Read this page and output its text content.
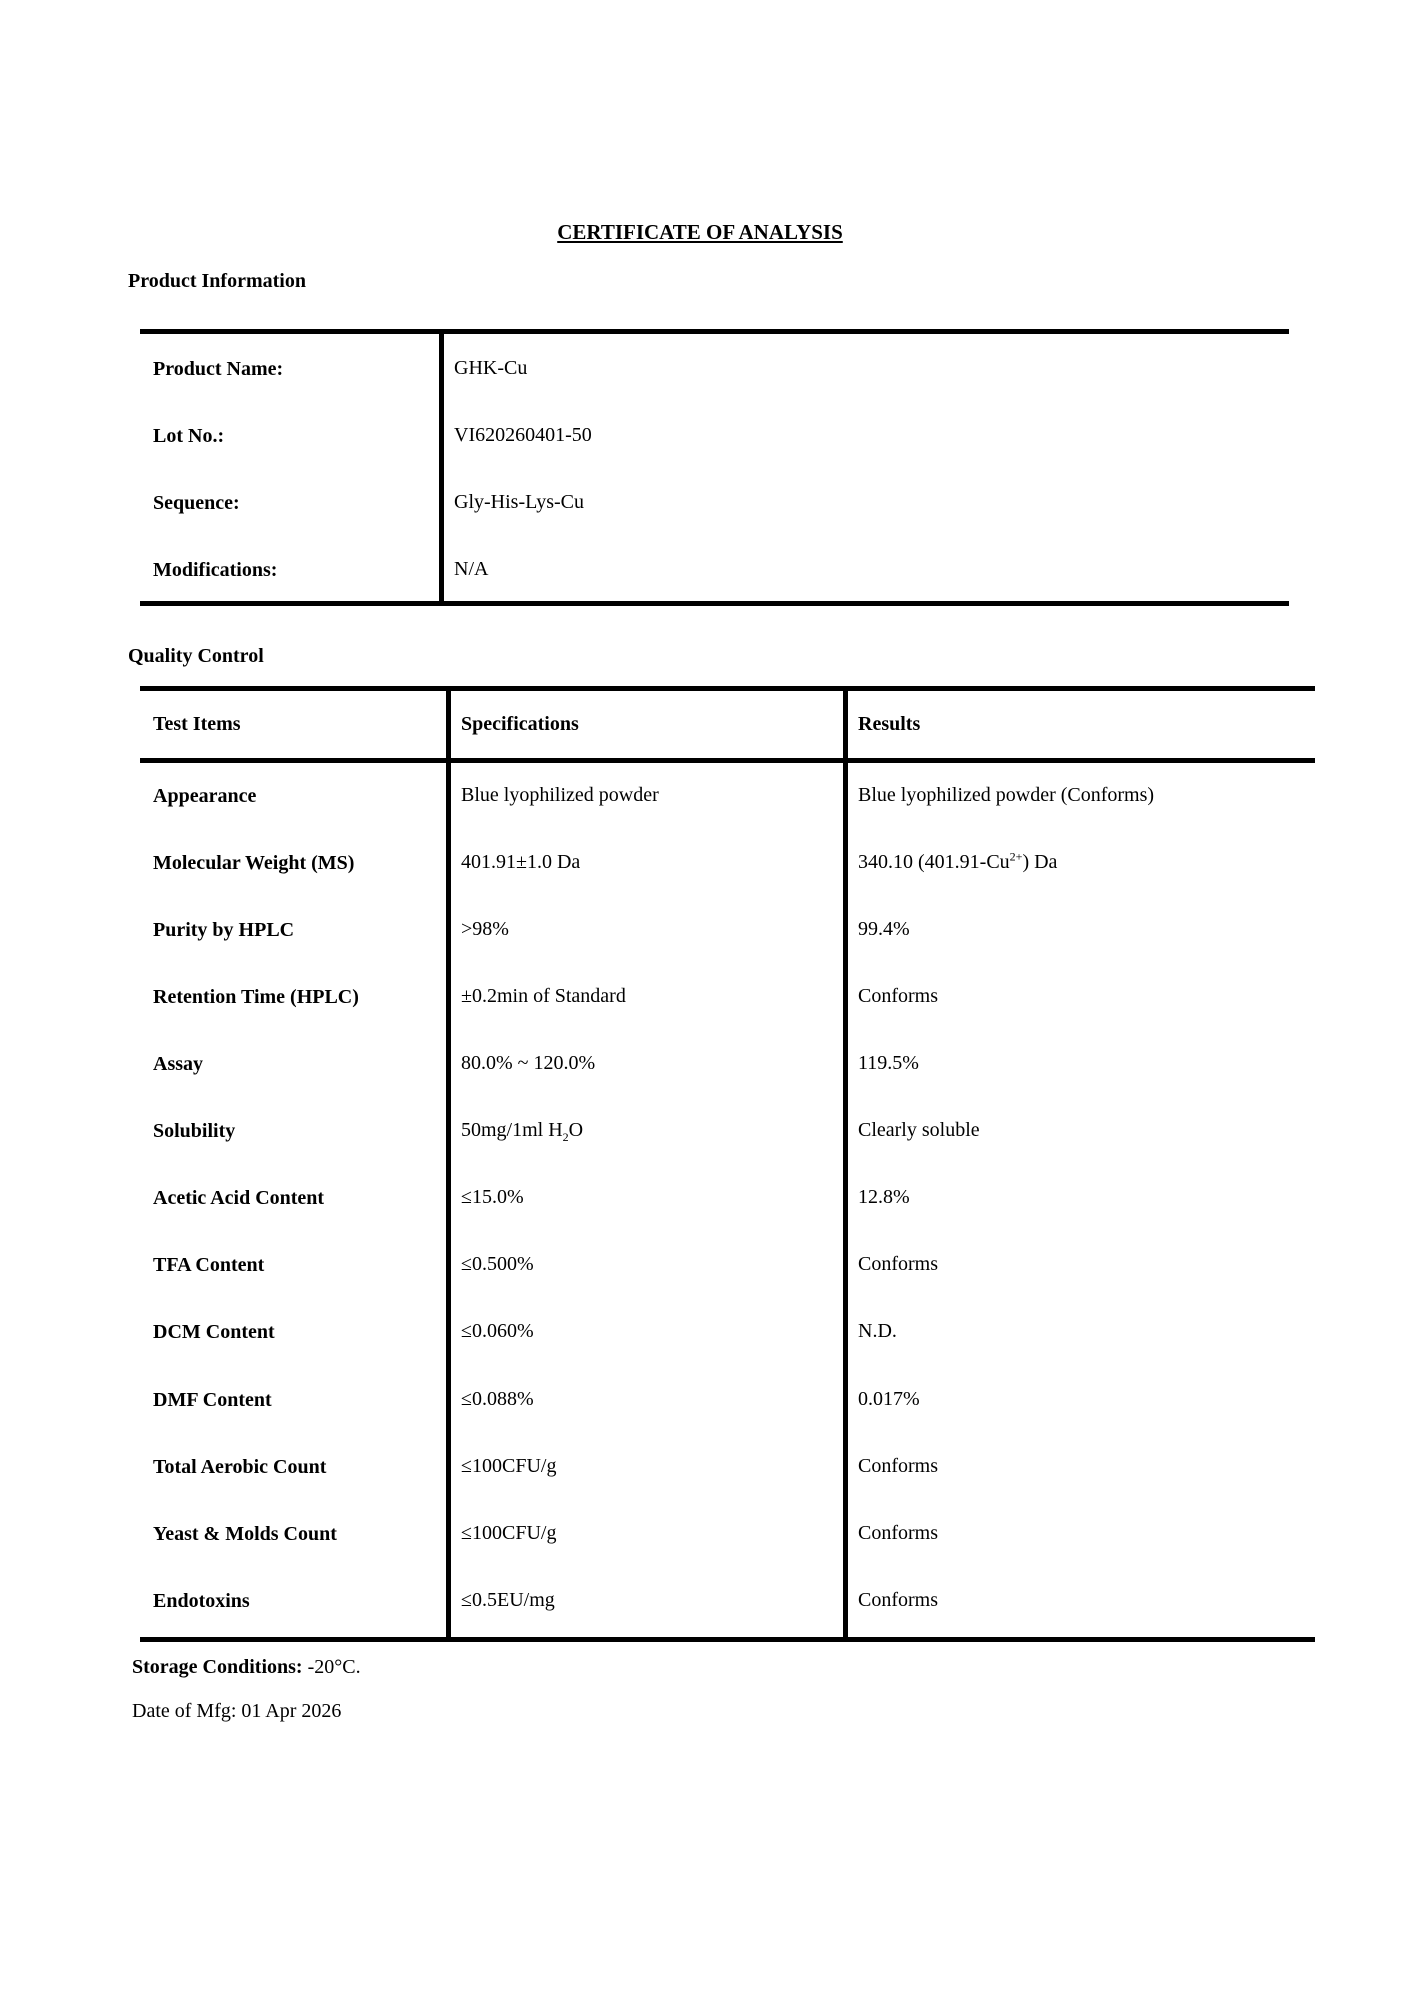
CERTIFICATE OF ANALYSIS
Product Information
Product Name:	GHK-Cu
Lot No.:	VI620260401-50
Sequence:	Gly-His-Lys-Cu
Modifications:	N/A
Quality Control
Test Items	Specifications	Results
Appearance	Blue lyophilized powder	Blue lyophilized powder (Conforms)
Molecular Weight (MS)	401.91±1.0 Da	340.10 $(401.91-Cu^{2+})$ Da
Purity by HPLC	>98%	99.4%
Retention Time (HPLC)	±0.2min of Standard	Conforms
Assay	80.0% ~ 120.0%	119.5%
Solubility	50mg/1ml $H_2O$	Clearly soluble
Acetic Acid Content	≤15.0%	12.8%
TFA Content	≤0.500%	Conforms
DCM Content	≤0.060%	N.D.
DMF Content	≤0.088%	0.017%
Total Aerobic Count	≤100CFU/g	Conforms
Yeast & Molds Count	≤100CFU/g	Conforms
Endotoxins	≤0.5EU/mg	Conforms
Storage Conditions: -20°C.
Date of Mfg: 01 Apr 2026
